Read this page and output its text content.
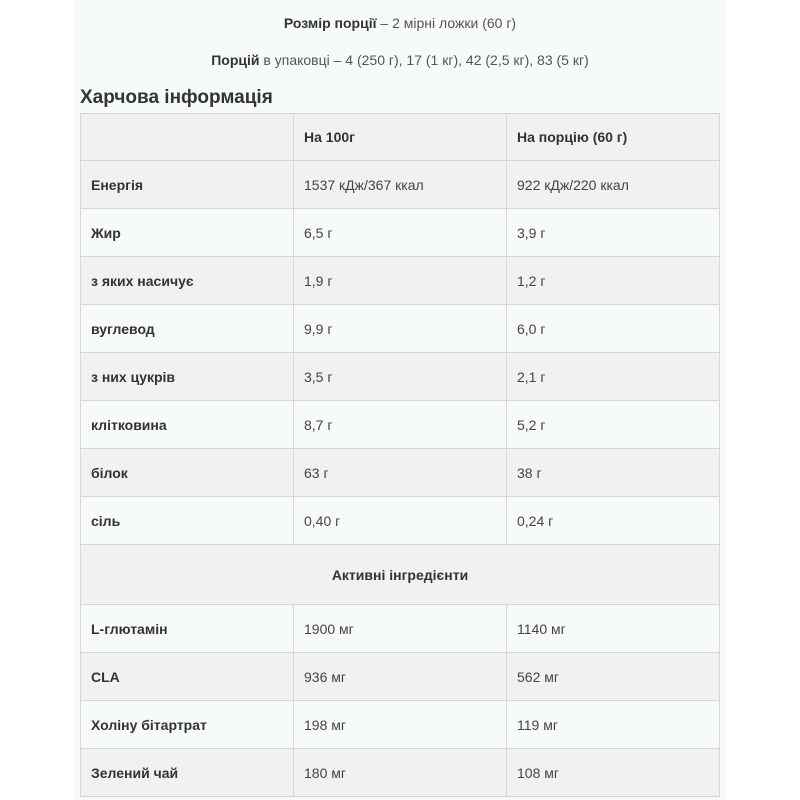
Розмір порції – 2 мірні ложки (60 г)
Порцій в упаковці – 4 (250 г), 17 (1 кг), 42 (2,5 кг), 83 (5 кг)
Харчова інформація
	На 100г	На порцію (60 г)
Енергія	1537 кДж/367 ккал	922 кДж/220 ккал
Жир	6,5 г	3,9 г
з яких насичує	1,9 г	1,2 г
вуглевод	9,9 г	6,0 г
з них цукрів	3,5 г	2,1 г
клітковина	8,7 г	5,2 г
білок	63 г	38 г
сіль	0,40 г	0,24 г
Активні інгредієнти		
L-глютамін	1900 мг	1140 мг
CLA	936 мг	562 мг
Холіну бітартрат	198 мг	119 мг
Зелений чай	180 мг	108 мг
